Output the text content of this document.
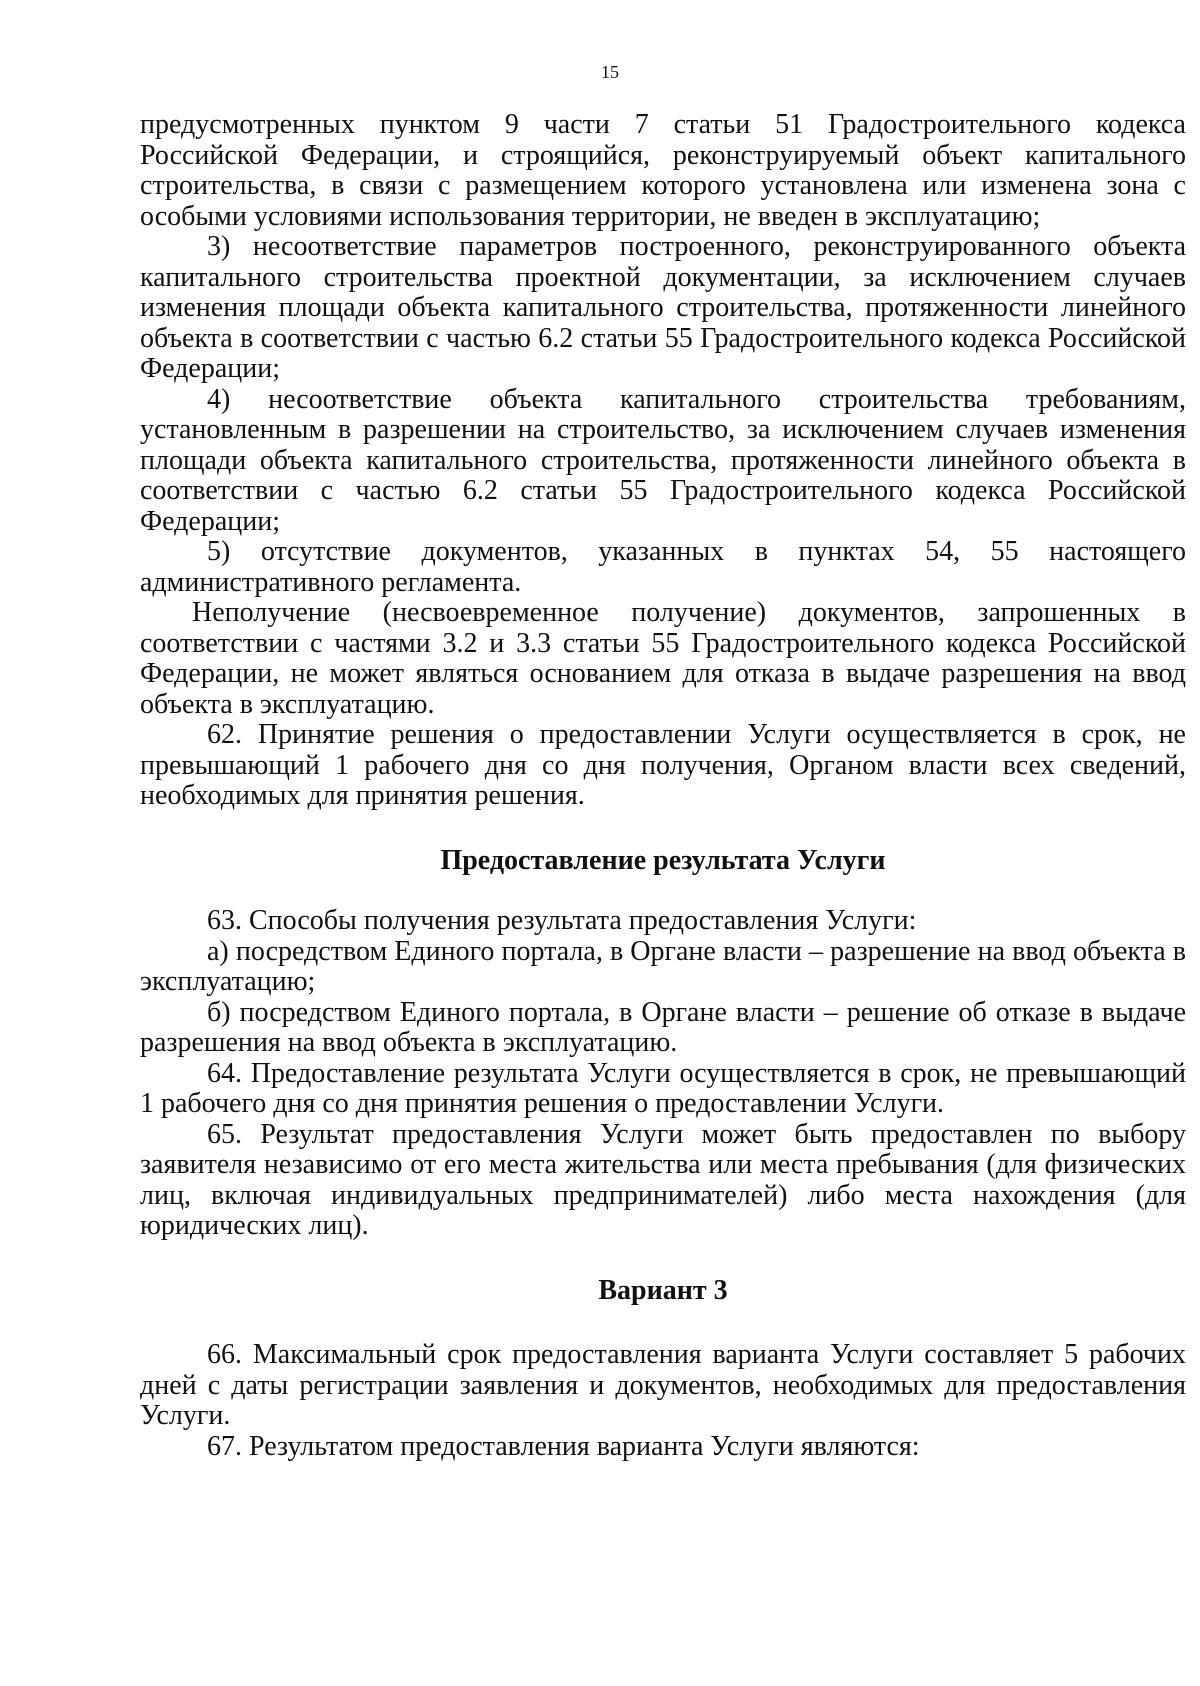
15

предусмотренных пунктом 9 части 7 статьи 51 Градостроительного кодекса Российской Федерации, и строящийся, реконструируемый объект капитального строительства, в связи с размещением которого установлена или изменена зона с особыми условиями использования территории, не введен в эксплуатацию;

3) несоответствие параметров построенного, реконструированного объекта капитального строительства проектной документации, за исключением случаев изменения площади объекта капитального строительства, протяженности линейного объекта в соответствии с частью 6.2 статьи 55 Градостроительного кодекса Российской Федерации;

4) несоответствие объекта капитального строительства требованиям, установленным в разрешении на строительство, за исключением случаев изменения площади объекта капитального строительства, протяженности линейного объекта в соответствии с частью 6.2 статьи 55 Градостроительного кодекса Российской Федерации;

5) отсутствие документов, указанных в пунктах 54, 55 настоящего административного регламента.

Неполучение (несвоевременное получение) документов, запрошенных в соответствии с частями 3.2 и 3.3 статьи 55 Градостроительного кодекса Российской Федерации, не может являться основанием для отказа в выдаче разрешения на ввод объекта в эксплуатацию.

62. Принятие решения о предоставлении Услуги осуществляется в срок, не превышающий 1 рабочего дня со дня получения, Органом власти всех сведений, необходимых для принятия решения.

Предоставление результата Услуги

63. Способы получения результата предоставления Услуги:

а) посредством Единого портала, в Органе власти – разрешение на ввод объекта в эксплуатацию;

б) посредством Единого портала, в Органе власти – решение об отказе в выдаче разрешения на ввод объекта в эксплуатацию.

64. Предоставление результата Услуги осуществляется в срок, не превышающий 1 рабочего дня со дня принятия решения о предоставлении Услуги.

65. Результат предоставления Услуги может быть предоставлен по выбору заявителя независимо от его места жительства или места пребывания (для физических лиц, включая индивидуальных предпринимателей) либо места нахождения (для юридических лиц).

Вариант 3

66. Максимальный срок предоставления варианта Услуги составляет 5 рабочих дней с даты регистрации заявления и документов, необходимых для предоставления Услуги.

67. Результатом предоставления варианта Услуги являются:
